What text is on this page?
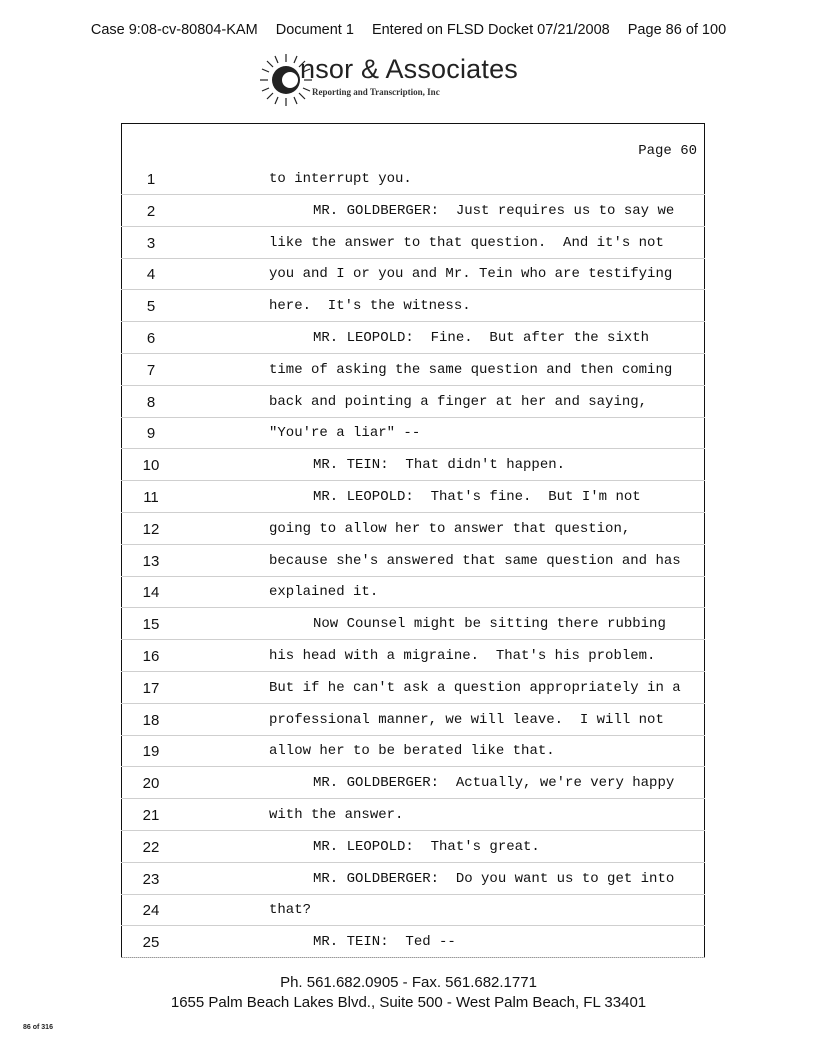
Case 9:08-cv-80804-KAM Document 1 Entered on FLSD Docket 07/21/2008 Page 86 of 100
nsor & Associates
Reporting and Transcription, Inc
Page 60
1	to interrupt you.
2	MR. GOLDBERGER:  Just requires us to say we
3	like the answer to that question.  And it's not
4	you and I or you and Mr. Tein who are testifying
5	here.  It's the witness.
6	MR. LEOPOLD:  Fine.  But after the sixth
7	time of asking the same question and then coming
8	back and pointing a finger at her and saying,
9	"You're a liar" --
10	MR. TEIN:  That didn't happen.
11	MR. LEOPOLD:  That's fine.  But I'm not
12	going to allow her to answer that question,
13	because she's answered that same question and has
14	explained it.
15	Now Counsel might be sitting there rubbing
16	his head with a migraine.  That's his problem.
17	But if he can't ask a question appropriately in a
18	professional manner, we will leave.  I will not
19	allow her to be berated like that.
20	MR. GOLDBERGER:  Actually, we're very happy
21	with the answer.
22	MR. LEOPOLD:  That's great.
23	MR. GOLDBERGER:  Do you want us to get into
24	that?
25	MR. TEIN:  Ted --
Ph. 561.682.0905 - Fax. 561.682.1771
1655 Palm Beach Lakes Blvd., Suite 500 - West Palm Beach, FL 33401
86 of 316
